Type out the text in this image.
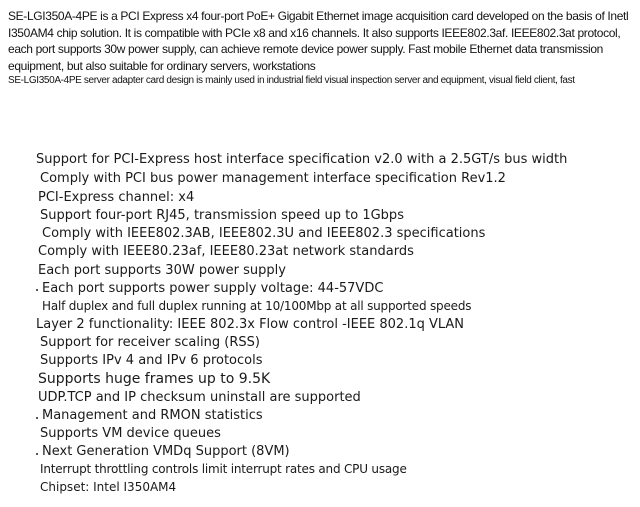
SE-LGI350A-4PE is a PCI Express x4 four-port PoE+ Gigabit Ethernet image acquisition card developed on the basis of Inetl I350AM4 chip solution. It is compatible with PCIe x8 and x16 channels. It also supports IEEE802.3af. IEEE802.3at protocol, each port supports 30w power supply, can achieve remote device power supply. Fast mobile Ethernet data transmission equipment, but also suitable for ordinary servers, workstations

SE-LGI350A-4PE server adapter card design is mainly used in industrial field visual inspection server and equipment, visual field client, fast

Support for PCI-Express host interface specification v2.0 with a 2.5GT/s bus width
Comply with PCI bus power management interface specification Rev1.2
PCI-Express channel: x4
Support four-port RJ45, transmission speed up to 1Gbps
Comply with IEEE802.3AB, IEEE802.3U and IEEE802.3 specifications
Comply with IEEE80.23af, IEEE80.23at network standards
Each port supports 30W power supply
Each port supports power supply voltage: 44-57VDC
Half duplex and full duplex running at 10/100Mbp at all supported speeds
Layer 2 functionality: IEEE 802.3x Flow control -IEEE 802.1q VLAN
Support for receiver scaling (RSS)
Supports IPv 4 and IPv 6 protocols
Supports huge frames up to 9.5K
UDP.TCP and IP checksum uninstall are supported
Management and RMON statistics
Supports VM device queues
Next Generation VMDq Support (8VM)
Interrupt throttling controls limit interrupt rates and CPU usage
Chipset: Intel I350AM4
